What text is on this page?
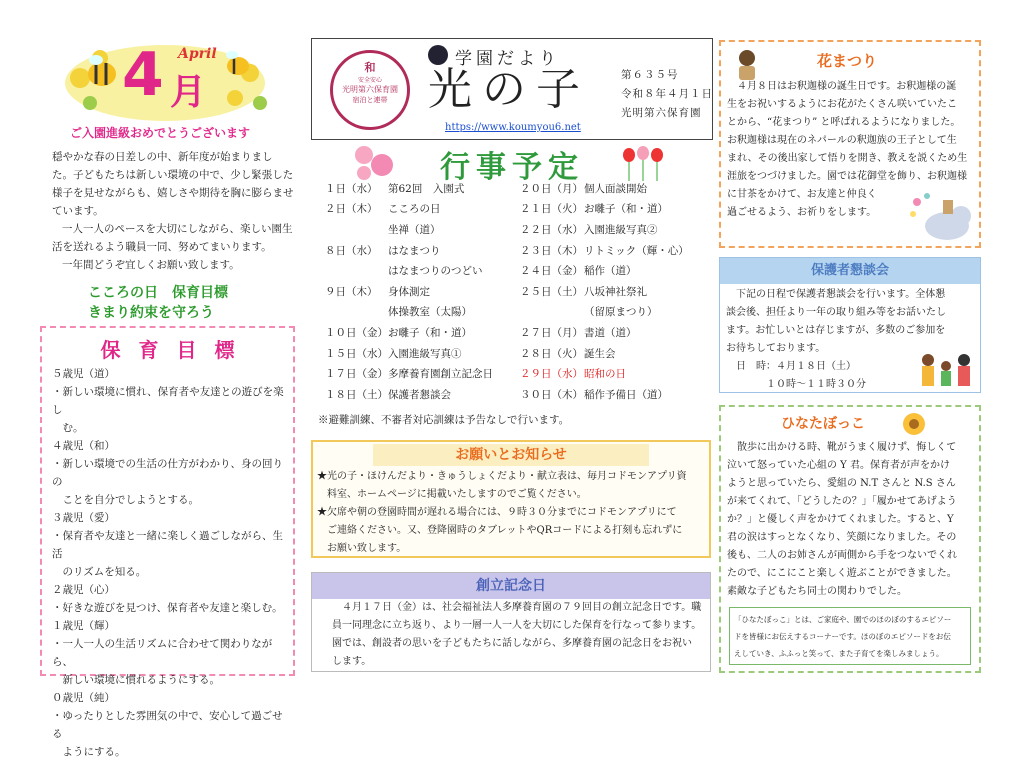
April
4 月
ご入園進級おめでとうございます

穏やかな春の日差しの中、新年度が始まりまし

た。子どもたちは新しい環境の中で、少し緊張した

様子を見せながらも、嬉しさや期待を胸に膨らませ

ています。

一人一人のペースを大切にしながら、楽しい園生

活を送れるよう職員一同、努めてまいります。

一年間どうぞ宜しくお願い致します。

こころの日　保育目標
きまり約束を守ろう
保育目標

５歳児（道）

・新しい環境に慣れ、保育者や友達との遊びを楽し

　む。

４歳児（和）

・新しい環境での生活の仕方がわかり、身の回りの

　ことを自分でしようとする。

３歳児（愛）

・保育者や友達と一緒に楽しく過ごしながら、生活

　のリズムを知る。

２歳児（心）

・好きな遊びを見つけ、保育者や友達と楽しむ。

１歳児（輝）

・一人一人の生活リズムに合わせて関わりながら、

　新しい環境に慣れるようにする。

０歳児（純）

・ゆったりとした雰囲気の中で、安心して過ごせる

　ようにする。

和
安全安心
光明第六保育園
宿泊と連帯
学園だより
光の子	第６３５号
令和８年４月１日
光明第六保育園
https://www.koumyou6.net
行事予定
１日（水）	第62回　入園式
２日（木）	こころの日
	坐禅（道）
８日（水）	はなまつり
	はなまつりのつどい
９日（木）	身体測定
	体操教室（太陽）
１０日（金）	お囃子（和・道）
１５日（水）	入園進級写真①
１７日（金）	多摩養育園創立記念日
１８日（土）	保護者懇談会
２０日（月）	個人面談開始
２１日（火）	お囃子（和・道）
２２日（水）	入園進級写真②
２３日（木）	リトミック（輝・心）
２４日（金）	稲作（道）
２５日（土）	八坂神社祭礼
	（留原まつり）
２７日（月）	書道（道）
２８日（火）	誕生会
２９日（水）	昭和の日
３０日（木）	稲作予備日（道）
※避難訓練、不審者対応訓練は予告なしで行います。
お願いとお知らせ

★光の子・ほけんだより・きゅうしょくだより・献立表は、毎月コドモンアプリ資

　料室、ホームページに掲載いたしますのでご覧ください。

★欠席や朝の登園時間が遅れる場合には、９時３０分までにコドモンアプリにて

　ご連絡ください。又、登降園時のタブレットやQRコードによる打刻も忘れずに

　お願い致します。

創立記念日

　４月１７日（金）は、社会福祉法人多摩養育園の７９回目の創立記念日です。職

員一同理念に立ち返り、より一層一人一人を大切にした保育を行なって参ります。

園では、創設者の思いを子どもたちに話しながら、多摩養育園の記念日をお祝い

します。

花まつり

　４月８日はお釈迦様の誕生日です。お釈迦様の誕

生をお祝いするようにお花がたくさん咲いていたこ

とから、“花まつり” と呼ばれるようになりました。

お釈迦様は現在のネパールの釈迦族の王子として生

まれ、その後出家して悟りを開き、教えを説くため生

涯旅をつづけました。園では花御堂を飾り、お釈迦様

に甘茶をかけて、お友達と仲良く

過ごせるよう、お祈りをします。

保護者懇談会

　下記の日程で保護者懇談会を行います。全体懇

談会後、担任より一年の取り組み等をお話いたし

ます。お忙しいとは存じますが、多数のご参加を

お待ちしております。

　日　時：４月１８日（土）

　　　　１０時～１１時３０分

ひなたぼっこ

　散歩に出かける時、靴がうまく履けず、悔しくて

泣いて怒っていた心組の Y 君。保育者が声をかけ

ようと思っていたら、愛組の N.T さんと N.S さん

が来てくれて、「どうしたの？」「履かせてあげよう

か？」と優しく声をかけてくれました。すると、Y

君の涙はすっとなくなり、笑顔になりました。その

後も、二人のお姉さんが両側から手をつないでくれ

たので、にこにこと楽しく遊ぶことができました。

素敵な子どもたち同士の関わりでした。

「ひなたぼっこ」とは、ご家庭や、園でのほのぼのするエピソー

ドを皆様にお伝えするコーナーです。ほのぼのエピソードをお伝

えしていき、ふふっと笑って、また子育てを楽しみましょう。
